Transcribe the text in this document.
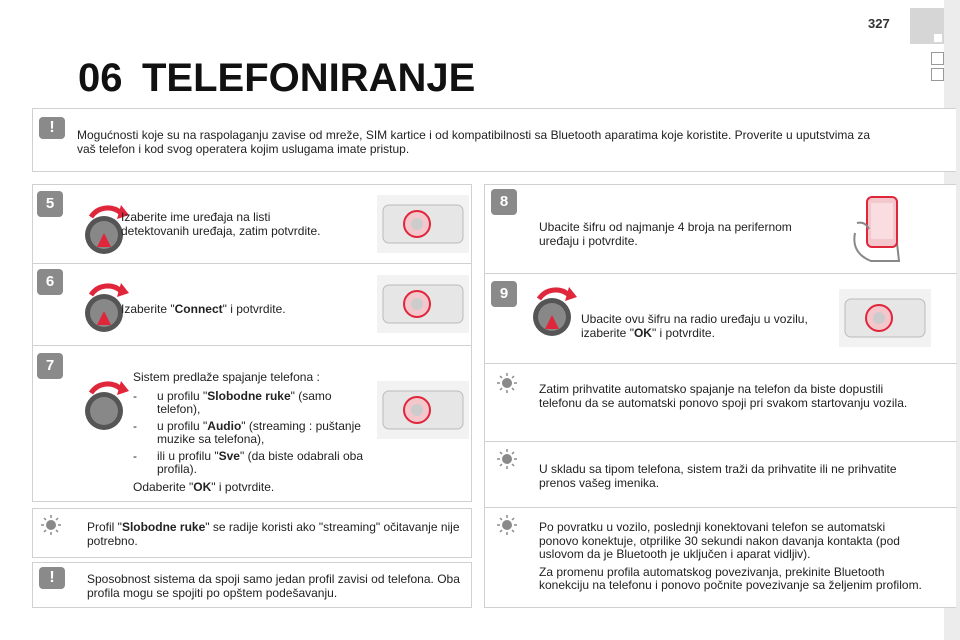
327
06 TELEFONIRANJE
!	Mogućnosti koje su na raspolaganju zavise od mreže, SIM kartice i od kompatibilnosti sa Bluetooth aparatima koje koristite. Proverite u uputstvima za vaš telefon i kod svog operatera kojim uslugama imate pristup.
5
Izaberite ime uređaja na listi
detektovanih uređaja, zatim potvrdite.
6
Izaberite "Connect" i potvrdite.
7
Sistem predlaže spajanje telefona :
- u profilu "Slobodne ruke" (samo telefon),
- u profilu "Audio" (streaming : puštanje muzike sa telefona),
- ili u profilu "Sve" (da biste odabrali oba profila).
Odaberite "OK" i potvrdite.
Profil "Slobodne ruke" se radije koristi ako "streaming" očitavanje nije potrebno.
!	Sposobnost sistema da spoji samo jedan profil zavisi od telefona. Oba profila mogu se spojiti po opštem podešavanju.
8
Ubacite šifru od najmanje 4 broja na perifernom uređaju i potvrdite.
9
Ubacite ovu šifru na radio uređaju u vozilu, izaberite "OK" i potvrdite.
Zatim prihvatite automatsko spajanje na telefon da biste dopustili telefonu da se automatski ponovo spoji pri svakom startovanju vozila.
U skladu sa tipom telefona, sistem traži da prihvatite ili ne prihvatite prenos vašeg imenika.
Po povratku u vozilo, poslednji konektovani telefon se automatski ponovo konektuje, otprilike 30 sekundi nakon davanja kontakta (pod uslovom da je Bluetooth je uključen i aparat vidljiv).
Za promenu profila automatskog povezivanja, prekinite Bluetooth konekciju na telefonu i ponovo počnite povezivanje sa željenim profilom.
